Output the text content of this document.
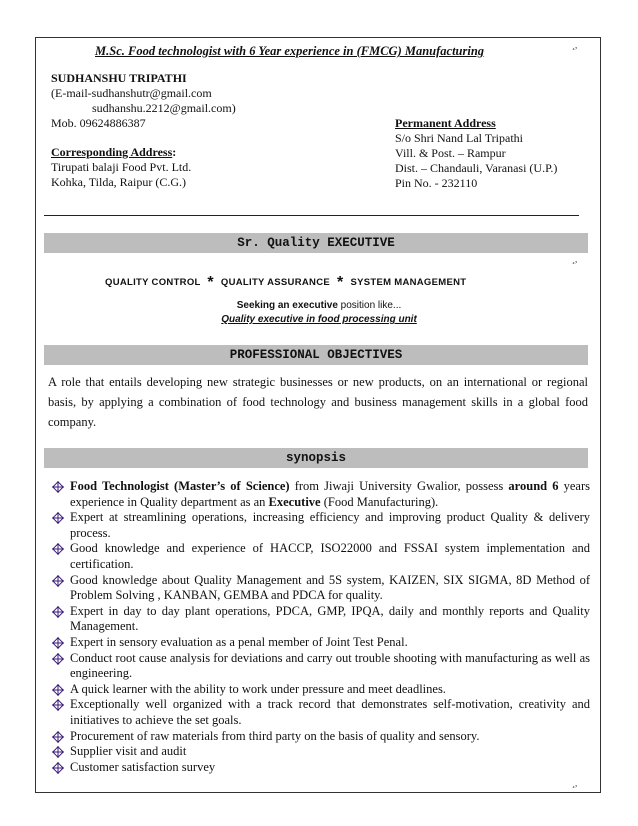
¸,
¸,
¸,
M.Sc. Food technologist with 6 Year experience in (FMCG) Manufacturing
SUDHANSHU TRIPATHI
(E-mail-sudhanshutr@gmail.com
sudhanshu.2212@gmail.com)
Mob. 09624886387
Corresponding Address:
Tirupati balaji Food Pvt. Ltd.
Kohka, Tilda, Raipur (C.G.)
Permanent Address
S/o Shri Nand Lal Tripathi
Vill. & Post. – Rampur
Dist. – Chandauli, Varanasi (U.P.)
Pin No. - 232110
Sr. Quality EXECUTIVE
QUALITY CONTROL * QUALITY ASSURANCE * SYSTEM MANAGEMENT
Seeking an executive position like...
Quality executive in food processing unit
PROFESSIONAL OBJECTIVES
A role that entails developing new strategic businesses or new products, on an international or regional basis, by applying a combination of food technology and business management skills in a global food company.
synopsis
Food Technologist (Master’s of Science) from Jiwaji University Gwalior, possess around 6 years experience in Quality department as an Executive (Food Manufacturing).
Expert at streamlining operations, increasing efficiency and improving product Quality & delivery process.
Good knowledge and experience of HACCP, ISO22000 and FSSAI system implementation and certification.
Good knowledge about Quality Management and 5S system, KAIZEN, SIX SIGMA, 8D Method of Problem Solving , KANBAN, GEMBA and PDCA for quality.
Expert in day to day plant operations, PDCA, GMP, IPQA, daily and monthly reports and Quality Management.
Expert in sensory evaluation as a penal member of Joint Test Penal.
Conduct root cause analysis for deviations and carry out trouble shooting with manufacturing as well as engineering.
A quick learner with the ability to work under pressure and meet deadlines.
Exceptionally well organized with a track record that demonstrates self-motivation, creativity and initiatives to achieve the set goals.
Procurement of raw materials from third party on the basis of quality and sensory.
Supplier visit and audit
Customer satisfaction survey
